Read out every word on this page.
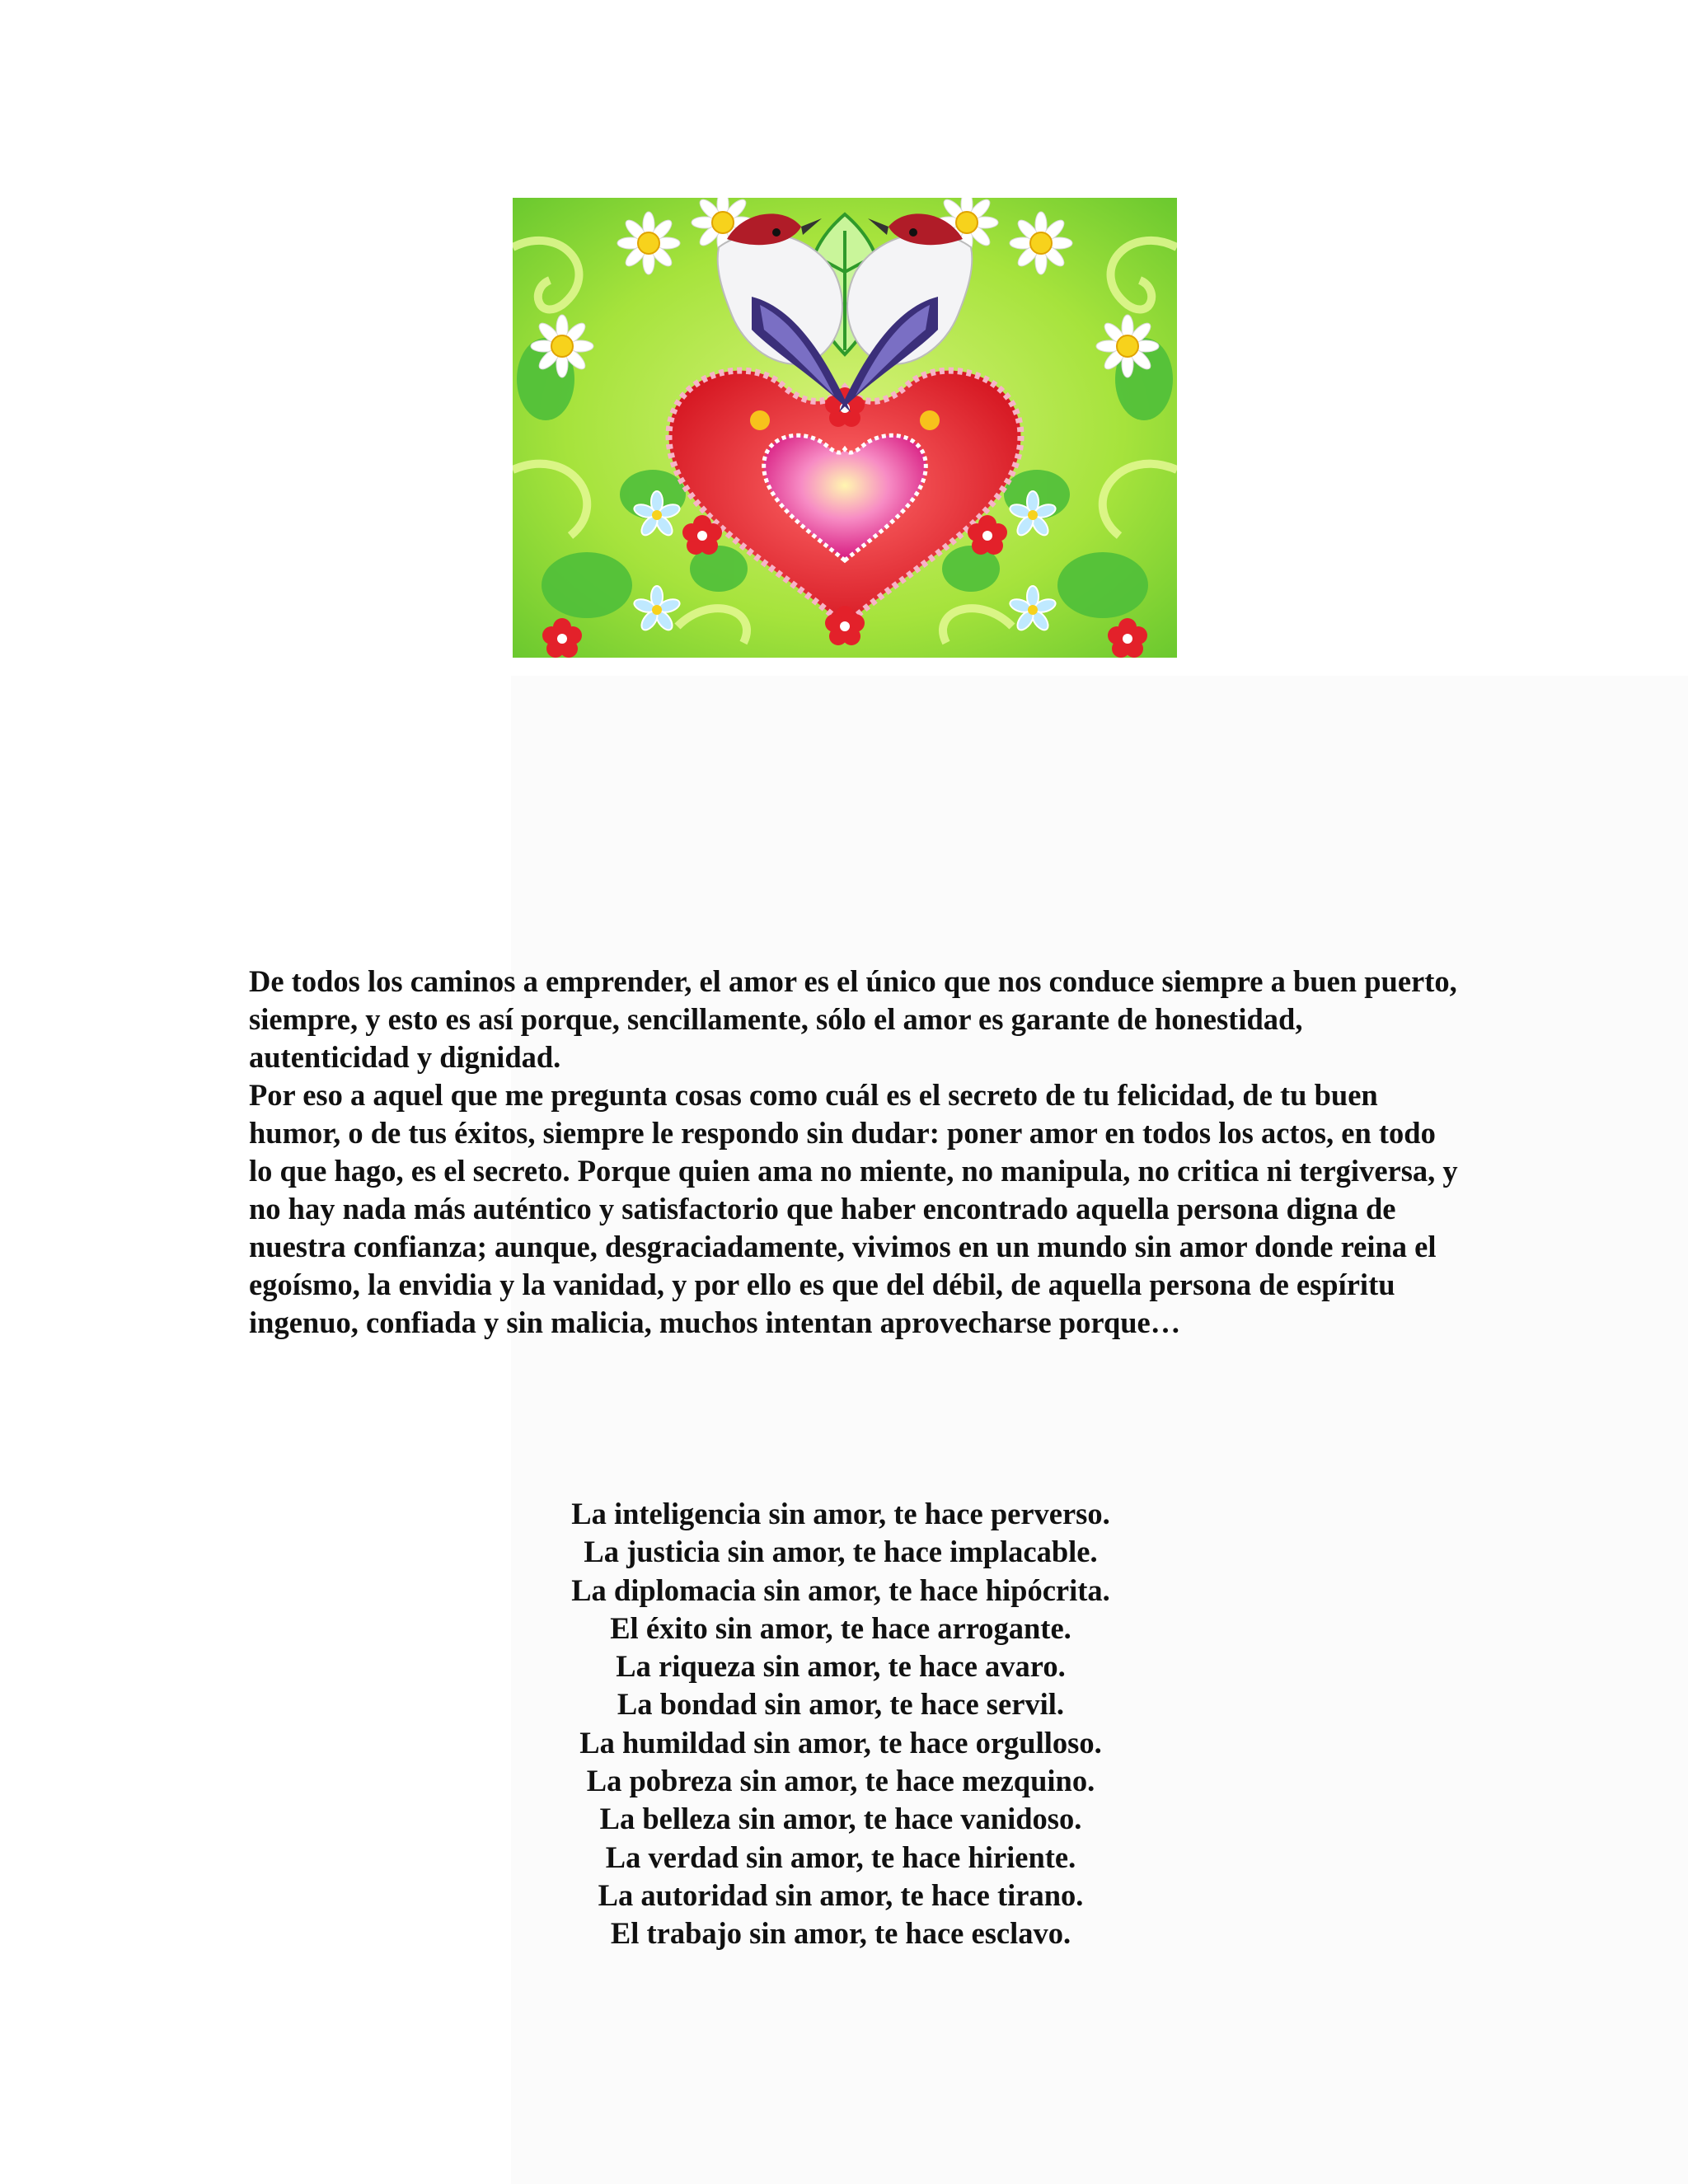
De todos los caminos a emprender, el amor es el único que nos conduce siempre a buen puerto, siempre, y esto es así porque, sencillamente, sólo el amor es garante de honestidad, autenticidad y dignidad.

Por eso a aquel que me pregunta cosas como cuál es el secreto de tu felicidad, de tu buen humor, o de tus éxitos, siempre le respondo sin dudar: poner amor en todos los actos, en todo lo que hago, es el secreto. Porque quien ama no miente, no manipula, no critica ni tergiversa, y no hay nada más auténtico y satisfactorio que haber encontrado aquella persona digna de nuestra confianza; aunque, desgraciadamente, vivimos en un mundo sin amor donde reina el egoísmo, la envidia y la vanidad, y por ello es que del débil, de aquella persona de espíritu ingenuo, confiada y sin malicia, muchos intentan aprovecharse porque…

La inteligencia sin amor, te hace perverso.
La justicia sin amor, te hace implacable.
La diplomacia sin amor, te hace hipócrita.
El éxito sin amor, te hace arrogante.
La riqueza sin amor, te hace avaro.
La bondad sin amor, te hace servil.
La humildad sin amor, te hace orgulloso.
La pobreza sin amor, te hace mezquino.
La belleza sin amor, te hace vanidoso.
La verdad sin amor, te hace hiriente.
La autoridad sin amor, te hace tirano.
El trabajo sin amor, te hace esclavo.
